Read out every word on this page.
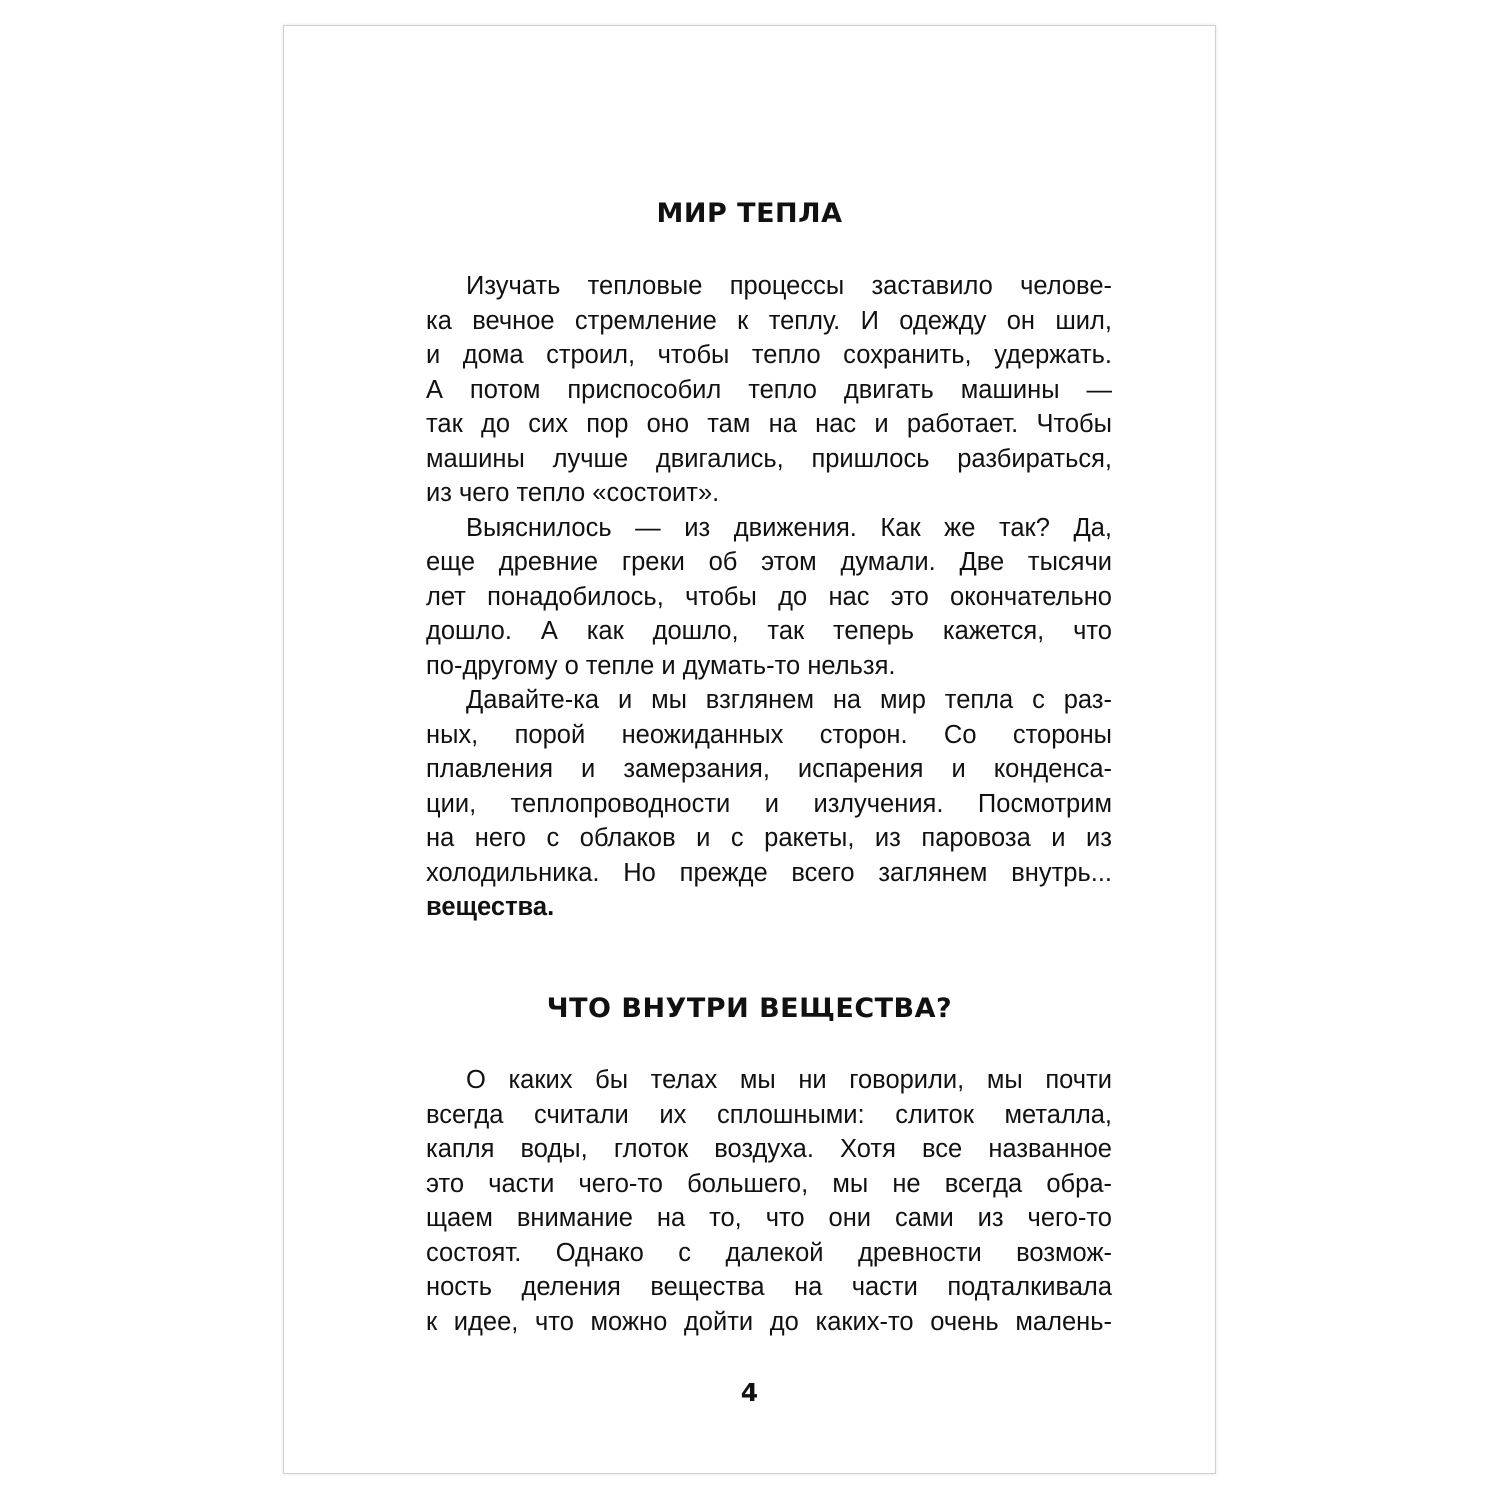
МИР ТЕПЛА

Изучать тепловые процессы заставило челове-

ка вечное стремление к теплу. И одежду он шил,

и дома строил, чтобы тепло сохранить, удержать.

А потом приспособил тепло двигать машины —

так до сих пор оно там на нас и работает. Чтобы

машины лучше двигались, пришлось разбираться,

из чего тепло «состоит».

Выяснилось — из движения. Как же так? Да,

еще древние греки об этом думали. Две тысячи

лет понадобилось, чтобы до нас это окончательно

дошло. А как дошло, так теперь кажется, что

по-другому о тепле и думать-то нельзя.

Давайте-ка и мы взглянем на мир тепла с раз-

ных, порой неожиданных сторон. Со стороны

плавления и замерзания, испарения и конденса-

ции, теплопроводности и излучения. Посмотрим

на него с облаков и с ракеты, из паровоза и из

холодильника. Но прежде всего заглянем внутрь...

вещества.

ЧТО ВНУТРИ ВЕЩЕСТВА?

О каких бы телах мы ни говорили, мы почти

всегда считали их сплошными: слиток металла,

капля воды, глоток воздуха. Хотя все названное

это части чего-то большего, мы не всегда обра-

щаем внимание на то, что они сами из чего-то

состоят. Однако с далекой древности возмож-

ность деления вещества на части подталкивала

к идее, что можно дойти до каких-то очень малень-

4
